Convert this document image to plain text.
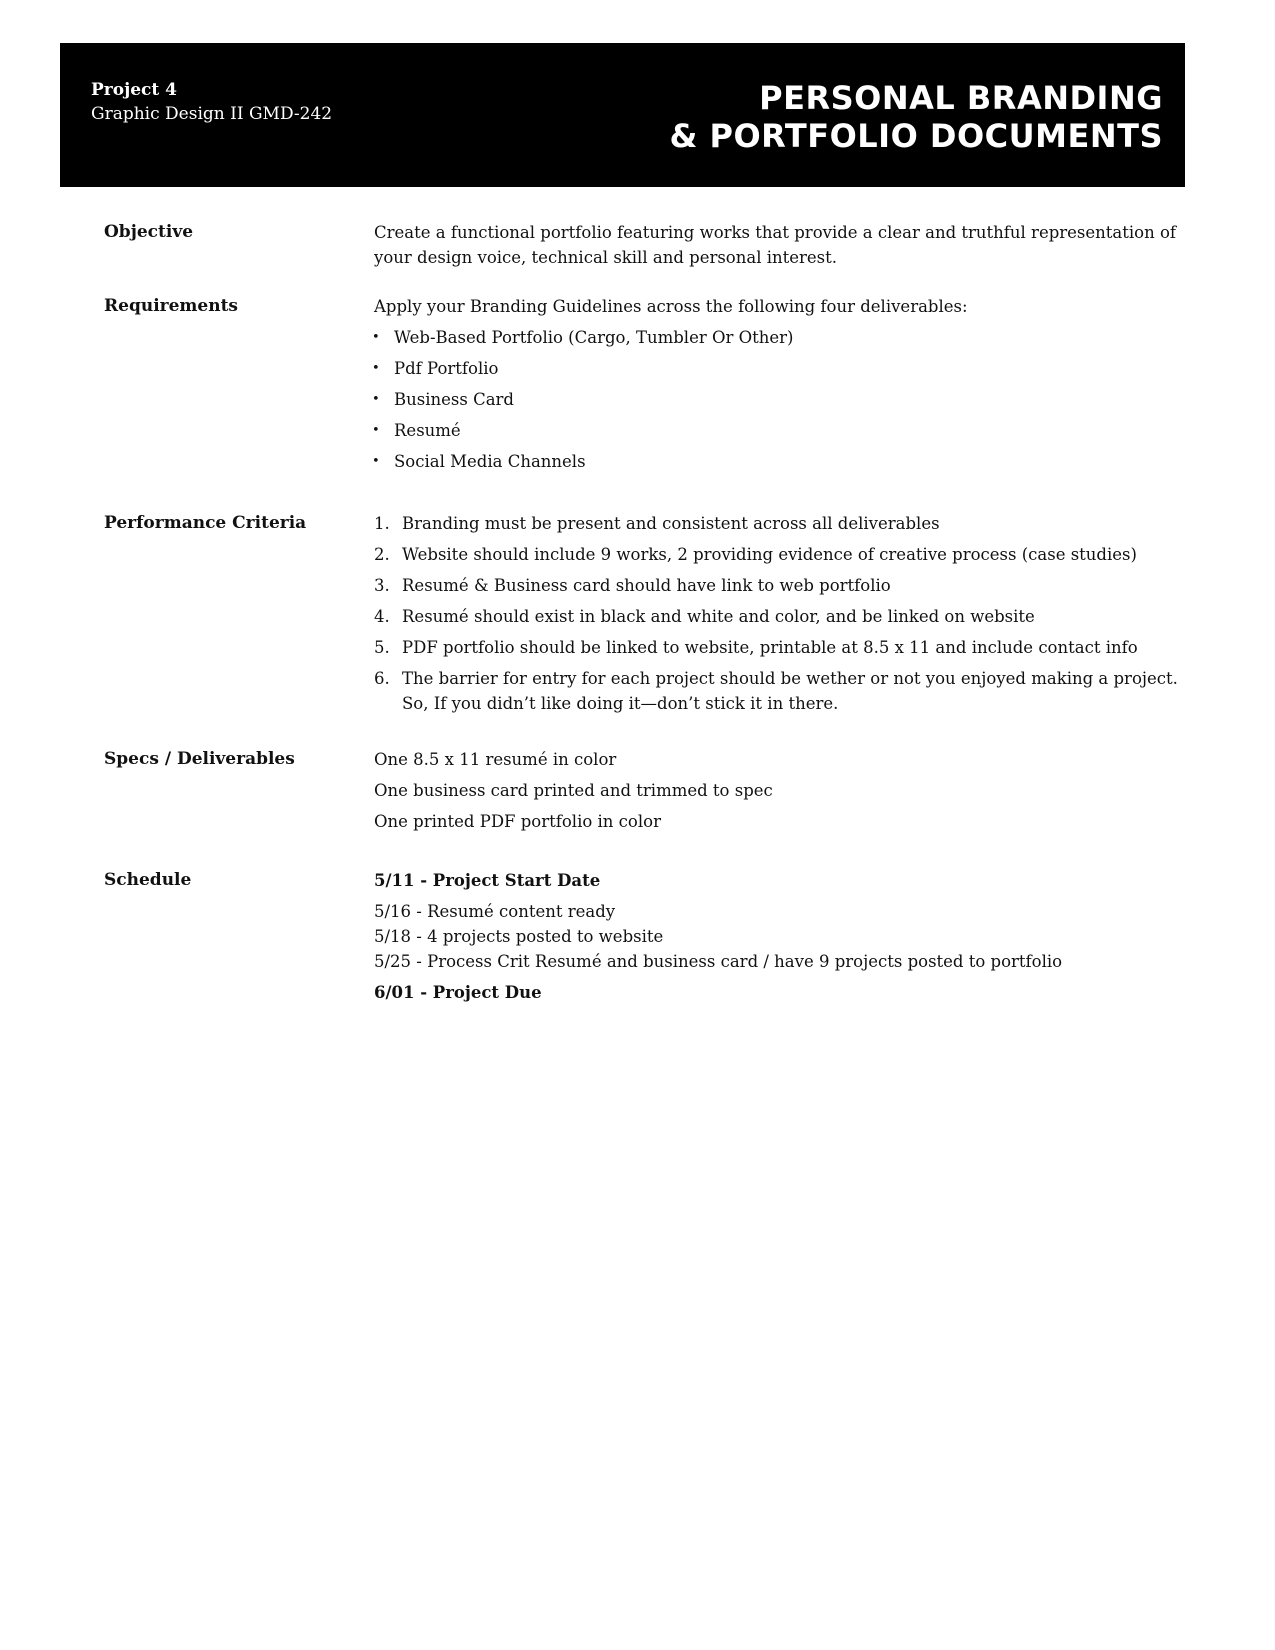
Project 4
Graphic Design II GMD-242	PERSONAL BRANDING
& PORTFOLIO DOCUMENTS
Objective	Create a functional portfolio featuring works that provide a clear and truthful representation of your design voice, technical skill and personal interest.

Requirements	Apply your Branding Guidelines across the following four deliverables:

• Web-Based Portfolio (Cargo, Tumbler Or Other)
• Pdf Portfolio
• Business Card
• Resumé
• Social Media Channels
Performance Criteria	1. Branding must be present and consistent across all deliverables
2. Website should include 9 works, 2 providing evidence of creative process (case studies)
3. Resumé & Business card should have link to web portfolio
4. Resumé should exist in black and white and color, and be linked on website
5. PDF portfolio should be linked to website, printable at 8.5 x 11 and include contact info
6. The barrier for entry for each project should be wether or not you enjoyed making a project. So, If you didn’t like doing it—don’t stick it in there.
Specs / Deliverables	One 8.5 x 11 resumé in color
One business card printed and trimmed to spec
One printed PDF portfolio in color
Schedule	5/11 - Project Start Date
5/16 - Resumé content ready
5/18 - 4 projects posted to website
5/25 - Process Crit Resumé and business card / have 9 projects posted to portfolio
6/01 - Project Due
